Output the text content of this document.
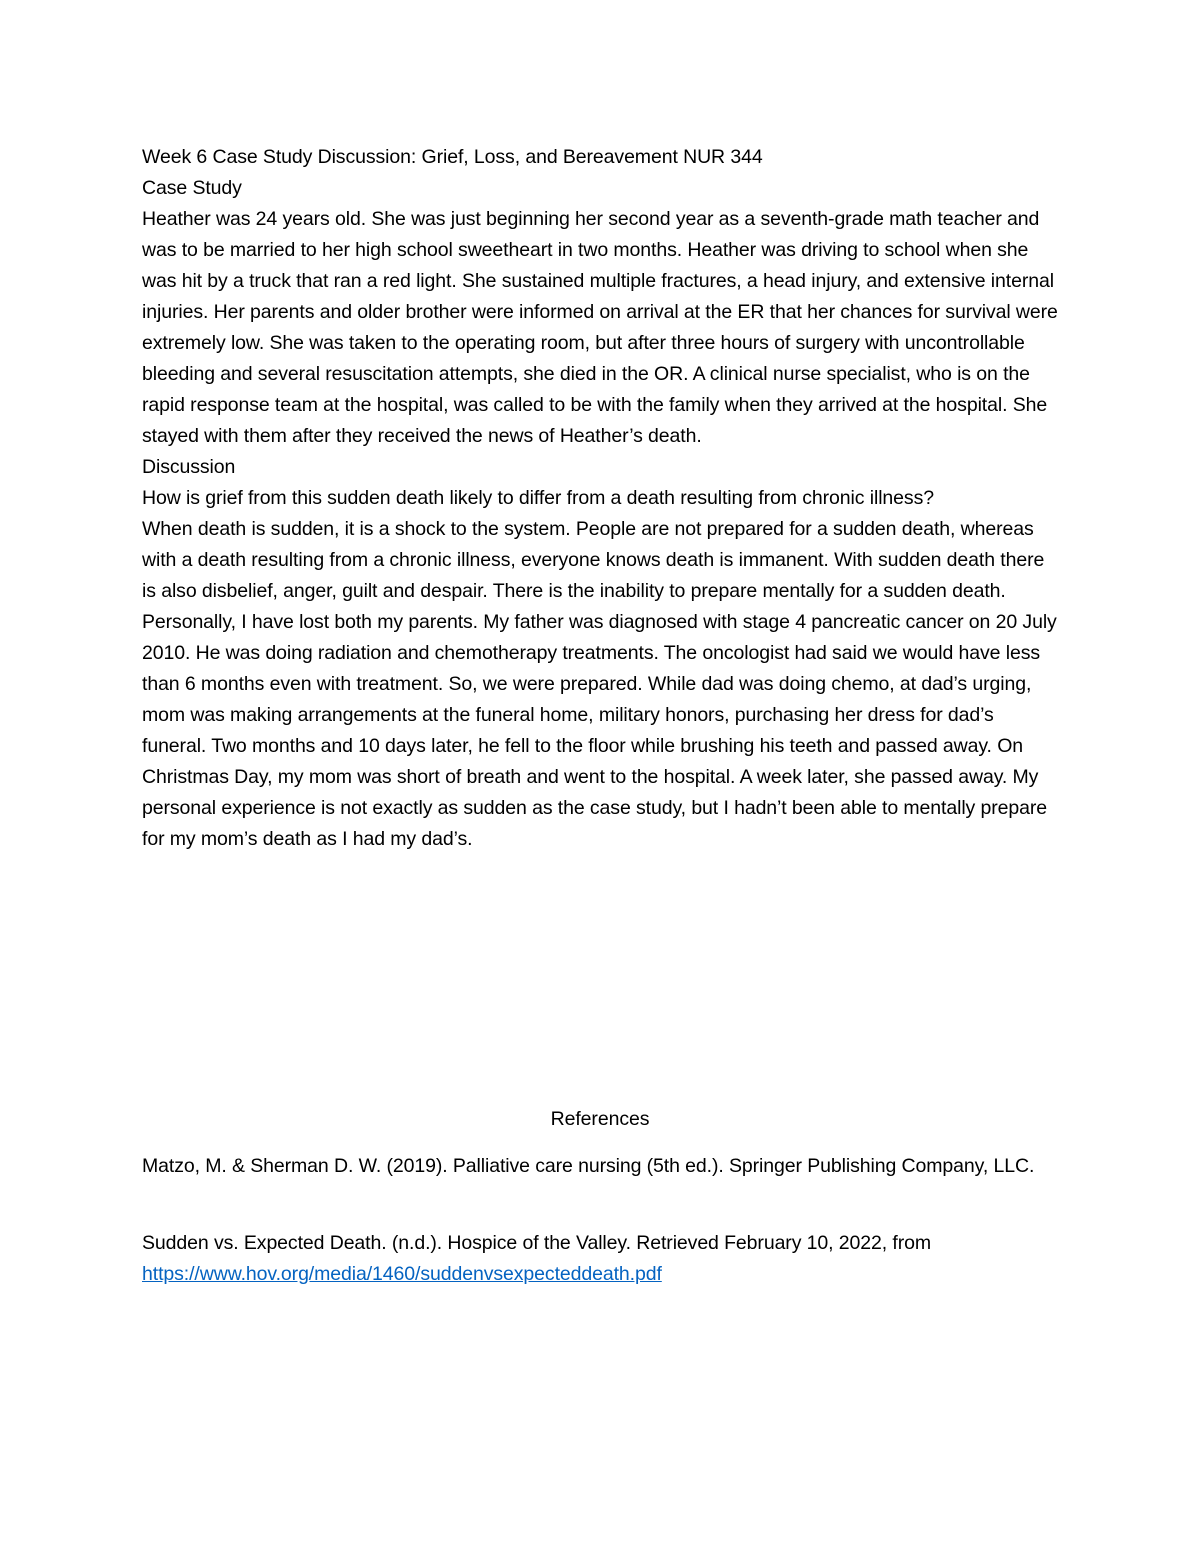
Week 6 Case Study Discussion: Grief, Loss, and Bereavement NUR 344

Case Study

Heather was 24 years old. She was just beginning her second year as a seventh-grade math teacher and was to be married to her high school sweetheart in two months. Heather was driving to school when she was hit by a truck that ran a red light. She sustained multiple fractures, a head injury, and extensive internal injuries. Her parents and older brother were informed on arrival at the ER that her chances for survival were extremely low. She was taken to the operating room, but after three hours of surgery with uncontrollable bleeding and several resuscitation attempts, she died in the OR. A clinical nurse specialist, who is on the rapid response team at the hospital, was called to be with the family when they arrived at the hospital. She stayed with them after they received the news of Heather’s death.

Discussion

How is grief from this sudden death likely to differ from a death resulting from chronic illness?

When death is sudden, it is a shock to the system. People are not prepared for a sudden death, whereas with a death resulting from a chronic illness, everyone knows death is immanent. With sudden death there is also disbelief, anger, guilt and despair. There is the inability to prepare mentally for a sudden death. Personally, I have lost both my parents. My father was diagnosed with stage 4 pancreatic cancer on 20 July 2010. He was doing radiation and chemotherapy treatments. The oncologist had said we would have less than 6 months even with treatment. So, we were prepared. While dad was doing chemo, at dad’s urging, mom was making arrangements at the funeral home, military honors, purchasing her dress for dad’s funeral. Two months and 10 days later, he fell to the floor while brushing his teeth and passed away. On Christmas Day, my mom was short of breath and went to the hospital. A week later, she passed away. My personal experience is not exactly as sudden as the case study, but I hadn’t been able to mentally prepare for my mom’s death as I had my dad’s.

References

Matzo, M. & Sherman D. W. (2019). Palliative care nursing (5th ed.). Springer Publishing Company, LLC.

Sudden vs. Expected Death. (n.d.). Hospice of the Valley. Retrieved February 10, 2022, from

https://www.hov.org/media/1460/suddenvsexpecteddeath.pdf
